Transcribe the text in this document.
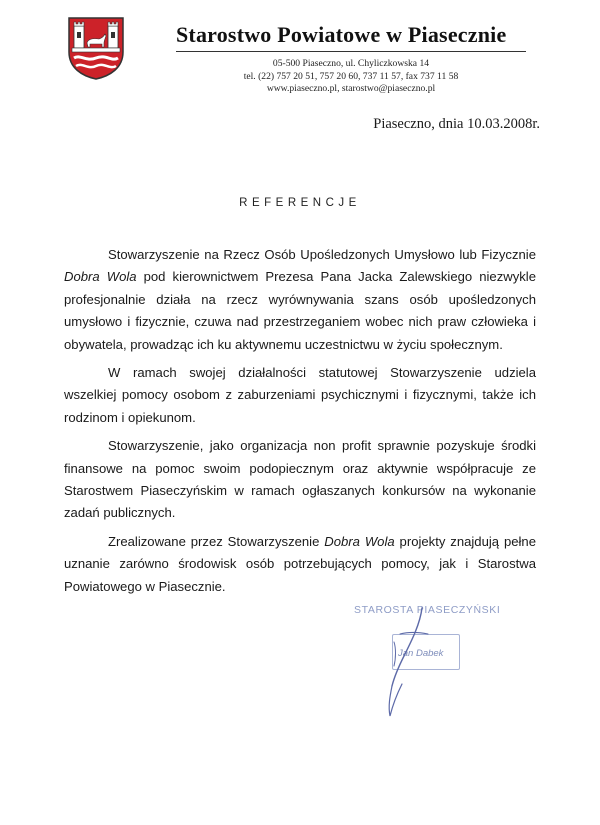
Starostwo Powiatowe w Piasecznie
05-500 Piaseczno, ul. Chyliczkowska 14
tel. (22) 757 20 51, 757 20 60, 737 11 57, fax 737 11 58
www.piaseczno.pl, starostwo@piaseczno.pl
Piaseczno, dnia 10.03.2008r.
REFERENCJE

Stowarzyszenie na Rzecz Osób Upośledzonych Umysłowo lub Fizycznie Dobra Wola pod kierownictwem Prezesa Pana Jacka Zalewskiego niezwykle profesjonalnie działa na rzecz wyrównywania szans osób upośledzonych umysłowo i fizycznie, czuwa nad przestrzeganiem wobec nich praw człowieka i obywatela, prowadząc ich ku aktywnemu uczestnictwu w życiu społecznym.

W ramach swojej działalności statutowej Stowarzyszenie udziela wszelkiej pomocy osobom z zaburzeniami psychicznymi i fizycznymi, także ich rodzinom i opiekunom.

Stowarzyszenie, jako organizacja non profit sprawnie pozyskuje środki finansowe na pomoc swoim podopiecznym oraz aktywnie współpracuje ze Starostwem Piaseczyńskim w ramach ogłaszanych konkursów na wykonanie zadań publicznych.

Zrealizowane przez Stowarzyszenie Dobra Wola projekty znajdują pełne uznanie zarówno środowisk osób potrzebujących pomocy, jak i Starostwa Powiatowego w Piasecznie.

STAROSTA PIASECZYŃSKI
Jan Dabek
